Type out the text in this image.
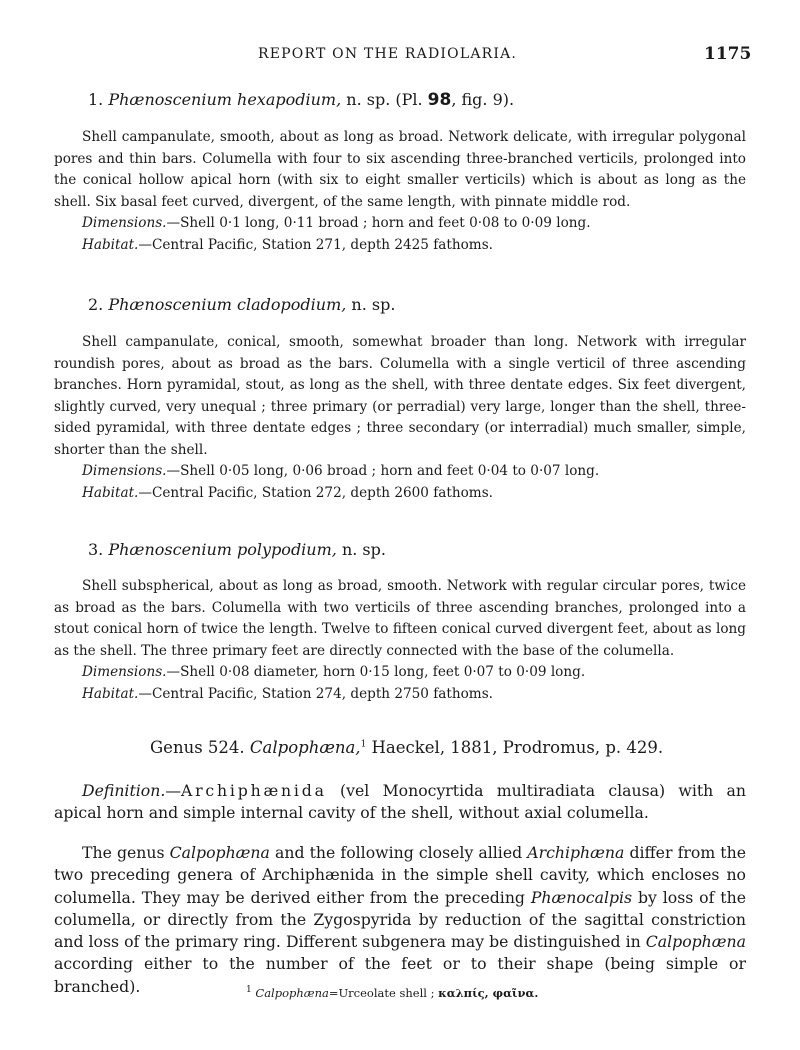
REPORT ON THE RADIOLARIA.	1175
1. Phænoscenium hexapodium, n. sp. (Pl. 98, fig. 9).

Shell campanulate, smooth, about as long as broad. Network delicate, with irregular polygonal pores and thin bars. Columella with four to six ascending three-branched verticils, prolonged into the conical hollow apical horn (with six to eight smaller verticils) which is about as long as the shell. Six basal feet curved, divergent, of the same length, with pinnate middle rod.

Dimensions.—Shell 0·1 long, 0·11 broad ; horn and feet 0·08 to 0·09 long.
Habitat.—Central Pacific, Station 271, depth 2425 fathoms.
2. Phænoscenium cladopodium, n. sp.

Shell campanulate, conical, smooth, somewhat broader than long. Network with irregular roundish pores, about as broad as the bars. Columella with a single verticil of three ascending branches. Horn pyramidal, stout, as long as the shell, with three dentate edges. Six feet divergent, slightly curved, very unequal ; three primary (or perradial) very large, longer than the shell, three-sided pyramidal, with three dentate edges ; three secondary (or interradial) much smaller, simple, shorter than the shell.

Dimensions.—Shell 0·05 long, 0·06 broad ; horn and feet 0·04 to 0·07 long.
Habitat.—Central Pacific, Station 272, depth 2600 fathoms.
3. Phænoscenium polypodium, n. sp.

Shell subspherical, about as long as broad, smooth. Network with regular circular pores, twice as broad as the bars. Columella with two verticils of three ascending branches, prolonged into a stout conical horn of twice the length. Twelve to fifteen conical curved divergent feet, about as long as the shell. The three primary feet are directly connected with the base of the columella.

Dimensions.—Shell 0·08 diameter, horn 0·15 long, feet 0·07 to 0·09 long.
Habitat.—Central Pacific, Station 274, depth 2750 fathoms.
Genus 524. Calpophæna,$^1$ Haeckel, 1881, Prodromus, p. 429.

Definition.—Archiphænida (vel Monocyrtida multiradiata clausa) with an apical horn and simple internal cavity of the shell, without axial columella.

The genus Calpophæna and the following closely allied Archiphæna differ from the two preceding genera of Archiphænida in the simple shell cavity, which encloses no columella. They may be derived either from the preceding Phænocalpis by loss of the columella, or directly from the Zygospyrida by reduction of the sagittal constriction and loss of the primary ring. Different subgenera may be distinguished in Calpophæna according either to the number of the feet or to their shape (being simple or branched).	$^1$ Calpophæna=Urceolate shell ; καλπίς, φαῖνα.
